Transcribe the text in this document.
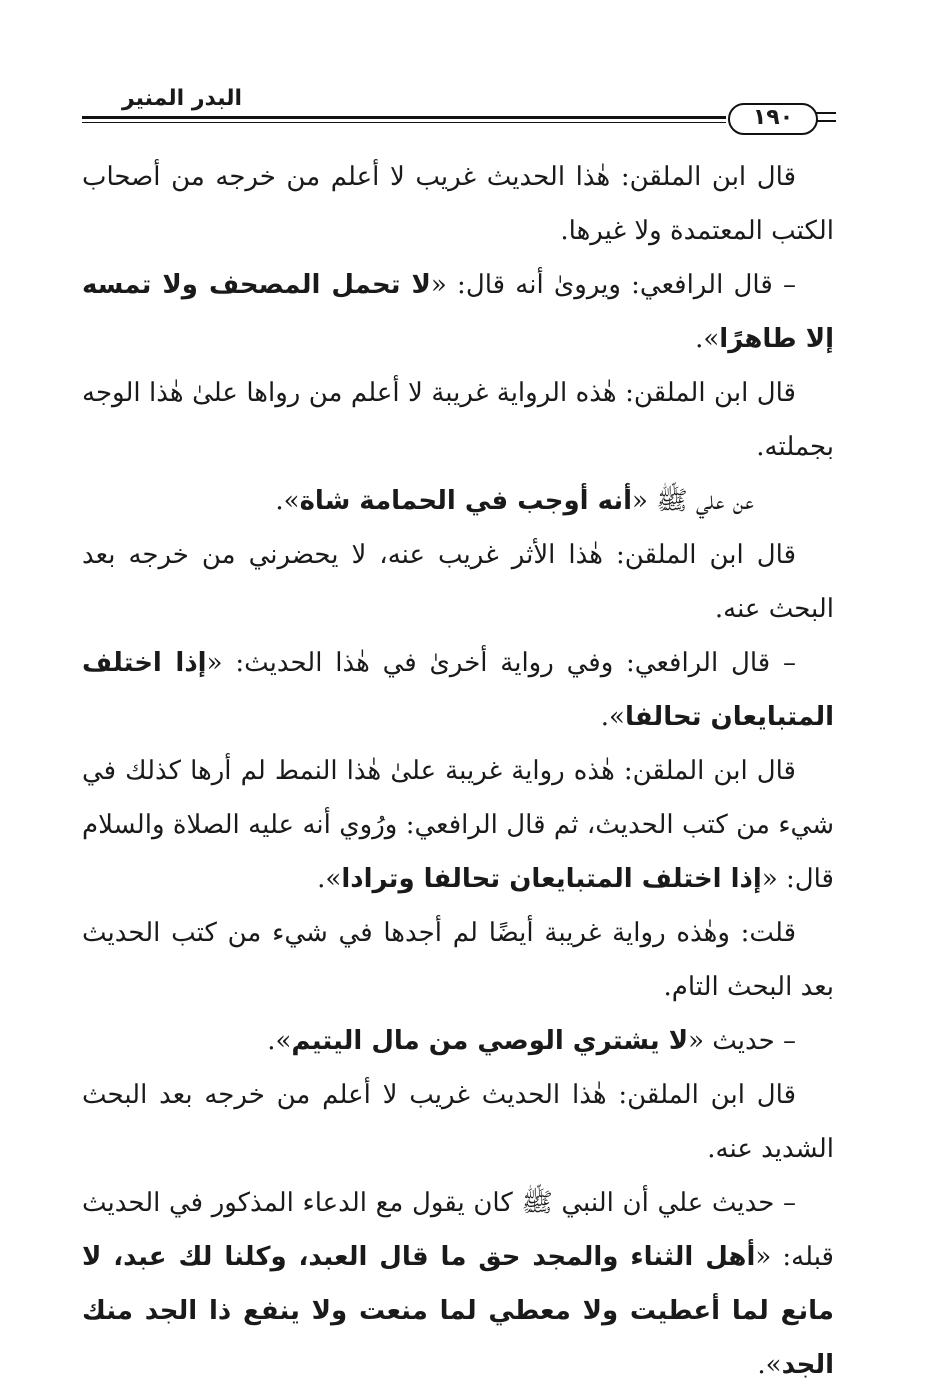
البدر المنير
١٩٠

قال ابن الملقن: هٰذا الحديث غريب لا أعلم من خرجه من أصحاب الكتب المعتمدة ولا غيرها.

– قال الرافعي: ويروىٰ أنه قال: «لا تحمل المصحف ولا تمسه إلا طاهرًا».

قال ابن الملقن: هٰذه الرواية غريبة لا أعلم من رواها علىٰ هٰذا الوجه بجملته.

عن علي ﷺ «أنه أوجب في الحمامة شاة».

قال ابن الملقن: هٰذا الأثر غريب عنه، لا يحضرني من خرجه بعد البحث عنه.

– قال الرافعي: وفي رواية أخرىٰ في هٰذا الحديث: «إذا اختلف المتبايعان تحالفا».

قال ابن الملقن: هٰذه رواية غريبة علىٰ هٰذا النمط لم أرها كذلك في شيء من كتب الحديث، ثم قال الرافعي: ورُوي أنه عليه الصلاة والسلام قال: «إذا اختلف المتبايعان تحالفا وترادا».

قلت: وهٰذه رواية غريبة أيضًا لم أجدها في شيء من كتب الحديث بعد البحث التام.

– حديث «لا يشتري الوصي من مال اليتيم».

قال ابن الملقن: هٰذا الحديث غريب لا أعلم من خرجه بعد البحث الشديد عنه.

– حديث علي أن النبي ﷺ كان يقول مع الدعاء المذكور في الحديث قبله: «أهل الثناء والمجد حق ما قال العبد، وكلنا لك عبد، لا مانع لما أعطيت ولا معطي لما منعت ولا ينفع ذا الجد منك الجد».
